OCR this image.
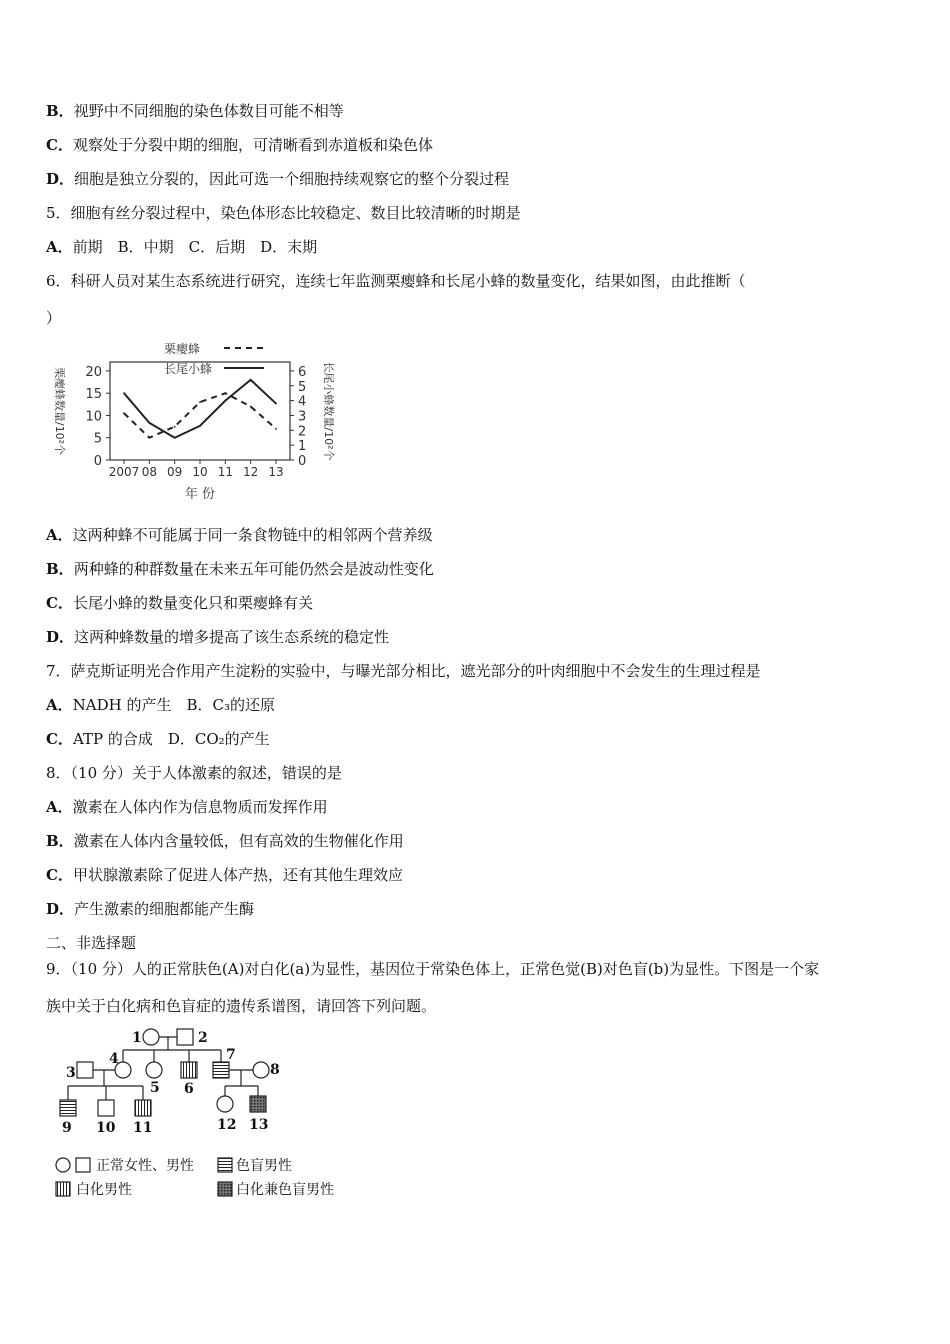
B．视野中不同细胞的染色体数目可能不相等
C．观察处于分裂中期的细胞，可清晰看到赤道板和染色体
D．细胞是独立分裂的，因此可选一个细胞持续观察它的整个分裂过程
5．细胞有丝分裂过程中，染色体形态比较稳定、数目比较清晰的时期是
A．前期　B．中期　C．后期　D．末期
6．科研人员对某生态系统进行研究，连续七年监测栗瘿蜂和长尾小蜂的数量变化，结果如图，由此推断（
）
A．这两种蜂不可能属于同一条食物链中的相邻两个营养级
B．两种蜂的种群数量在未来五年可能仍然会是波动性变化
C．长尾小蜂的数量变化只和栗瘿蜂有关
D．这两种蜂数量的增多提高了该生态系统的稳定性
7．萨克斯证明光合作用产生淀粉的实验中，与曝光部分相比，遮光部分的叶肉细胞中不会发生的生理过程是
A．NADH 的产生　B．C₃的还原
C．ATP 的合成　D．CO₂的产生
8．（10 分）关于人体激素的叙述，错误的是
A．激素在人体内作为信息物质而发挥作用
B．激素在人体内含量较低，但有高效的生物催化作用
C．甲状腺激素除了促进人体产热，还有其他生理效应
D．产生激素的细胞都能产生酶
二、非选择题
9．（10 分）人的正常肤色(A)对白化(a)为显性，基因位于常染色体上，正常色觉(B)对色盲(b)为显性。下图是一个家
族中关于白化病和色盲症的遗传系谱图，请回答下列问题。
0
5
10
15
20
0
1
2
3
4
5
6
2007 08 09 10 11 12 13
年 份
栗瘿蜂数量/10²个	长尾小蜂数量/10²个
栗瘿蜂
长尾小蜂
1	2
3
4
5 6
7
8
9 10 11	12 13
正常女性、男性	色盲男性
白化男性	白化兼色盲男性
